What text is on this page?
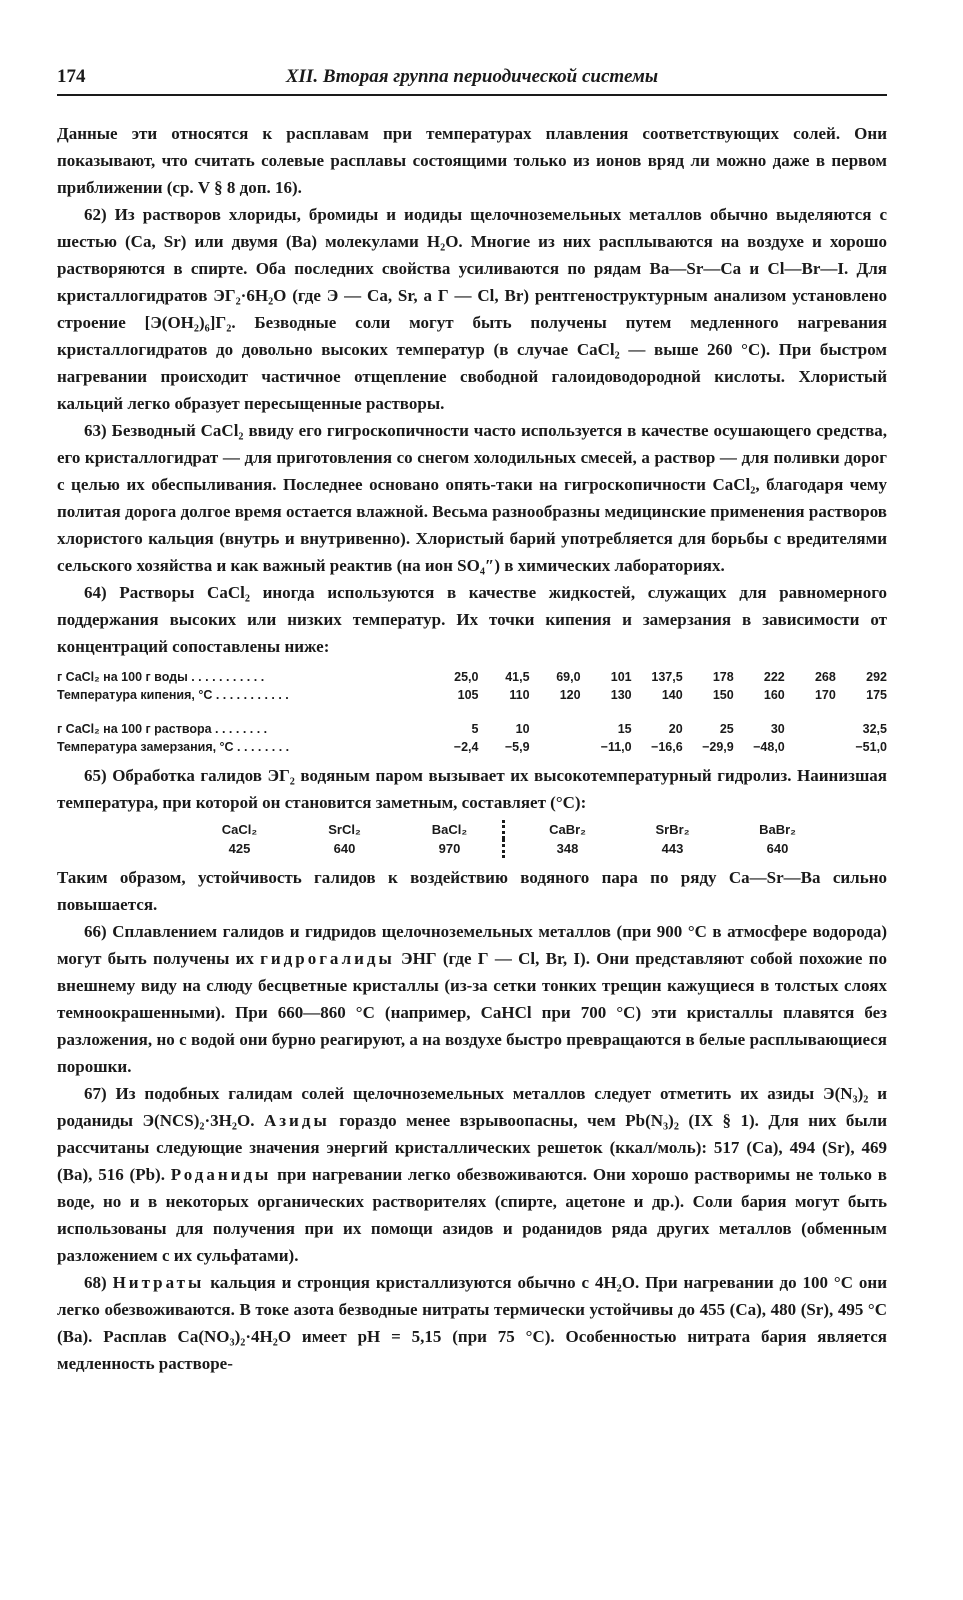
174	XII. Вторая группа периодической системы

Данные эти относятся к расплавам при температурах плавления соответствующих солей. Они показывают, что считать солевые расплавы состоящими только из ионов вряд ли можно даже в первом приближении (ср. V § 8 доп. 16).

62) Из растворов хлориды, бромиды и иодиды щелочноземельных металлов обычно выделяются с шестью (Ca, Sr) или двумя (Ba) молекулами H₂O. Многие из них расплываются на воздухе и хорошо растворяются в спирте. Оба последних свойства усиливаются по рядам Ba—Sr—Ca и Cl—Br—I. Для кристаллогидратов ЭГ₂·6H₂O (где Э — Ca, Sr, а Г — Cl, Br) рентгеноструктурным анализом установлено строение [Э(OH₂)₆]Г₂. Безводные соли могут быть получены путем медленного нагревания кристаллогидратов до довольно высоких температур (в случае CaCl₂ — выше 260 °C). При быстром нагревании происходит частичное отщепление свободной галоидоводородной кислоты. Хлористый кальций легко образует пересыщенные растворы.

63) Безводный CaCl₂ ввиду его гигроскопичности часто используется в качестве осушающего средства, его кристаллогидрат — для приготовления со снегом холодильных смесей, а раствор — для поливки дорог с целью их обеспыливания. Последнее основано опять-таки на гигроскопичности CaCl₂, благодаря чему политая дорога долгое время остается влажной. Весьма разнообразны медицинские применения растворов хлористого кальция (внутрь и внутривенно). Хлористый барий употребляется для борьбы с вредителями сельского хозяйства и как важный реактив (на ион SO₄″) в химических лабораториях.

64) Растворы CaCl₂ иногда используются в качестве жидкостей, служащих для равномерного поддержания высоких или низких температур. Их точки кипения и замерзания в зависимости от концентраций сопоставлены ниже:

г CaCl₂ на 100 г воды . . . . . . . . . . .	25,0	41,5	69,0	101	137,5	178	222	268	292
Температура кипения, °C . . . . . . . . . . .	105	110	120	130	140	150	160	170	175

г CaCl₂ на 100 г раствора . . . . . . . .	5	10		15	20	25	30		32,5
Температура замерзания, °C . . . . . . . .	−2,4	−5,9		−11,0	−16,6	−29,9	−48,0		−51,0

65) Обработка галидов ЭГ₂ водяным паром вызывает их высокотемпературный гидролиз. Наинизшая температура, при которой он становится заметным, составляет (°C):

CaCl₂	SrCl₂	BaCl₂		CaBr₂	SrBr₂	BaBr₂
425	640	970		348	443	640

Таким образом, устойчивость галидов к воздействию водяного пара по ряду Ca—Sr—Ba сильно повышается.

66) Сплавлением галидов и гидридов щелочноземельных металлов (при 900 °C в атмосфере водорода) могут быть получены их гидрогалиды ЭНГ (где Г — Cl, Br, I). Они представляют собой похожие по внешнему виду на слюду бесцветные кристаллы (из-за сетки тонких трещин кажущиеся в толстых слоях темноокрашенными). При 660—860 °C (например, CaHCl при 700 °C) эти кристаллы плавятся без разложения, но с водой они бурно реагируют, а на воздухе быстро превращаются в белые расплывающиеся порошки.

67) Из подобных галидам солей щелочноземельных металлов следует отметить их азиды Э(N₃)₂ и роданиды Э(NCS)₂·3H₂O. Азиды гораздо менее взрывоопасны, чем Pb(N₃)₂ (IX § 1). Для них были рассчитаны следующие значения энергий кристаллических решеток (ккал/моль): 517 (Ca), 494 (Sr), 469 (Ba), 516 (Pb). Роданиды при нагревании легко обезвоживаются. Они хорошо растворимы не только в воде, но и в некоторых органических растворителях (спирте, ацетоне и др.). Соли бария могут быть использованы для получения при их помощи азидов и роданидов ряда других металлов (обменным разложением с их сульфатами).

68) Нитраты кальция и стронция кристаллизуются обычно с 4H₂O. При нагревании до 100 °C они легко обезвоживаются. В токе азота безводные нитраты термически устойчивы до 455 (Ca), 480 (Sr), 495 °C (Ba). Расплав Ca(NO₃)₂·4H₂O имеет pH = 5,15 (при 75 °C). Особенностью нитрата бария является медленность растворе-
